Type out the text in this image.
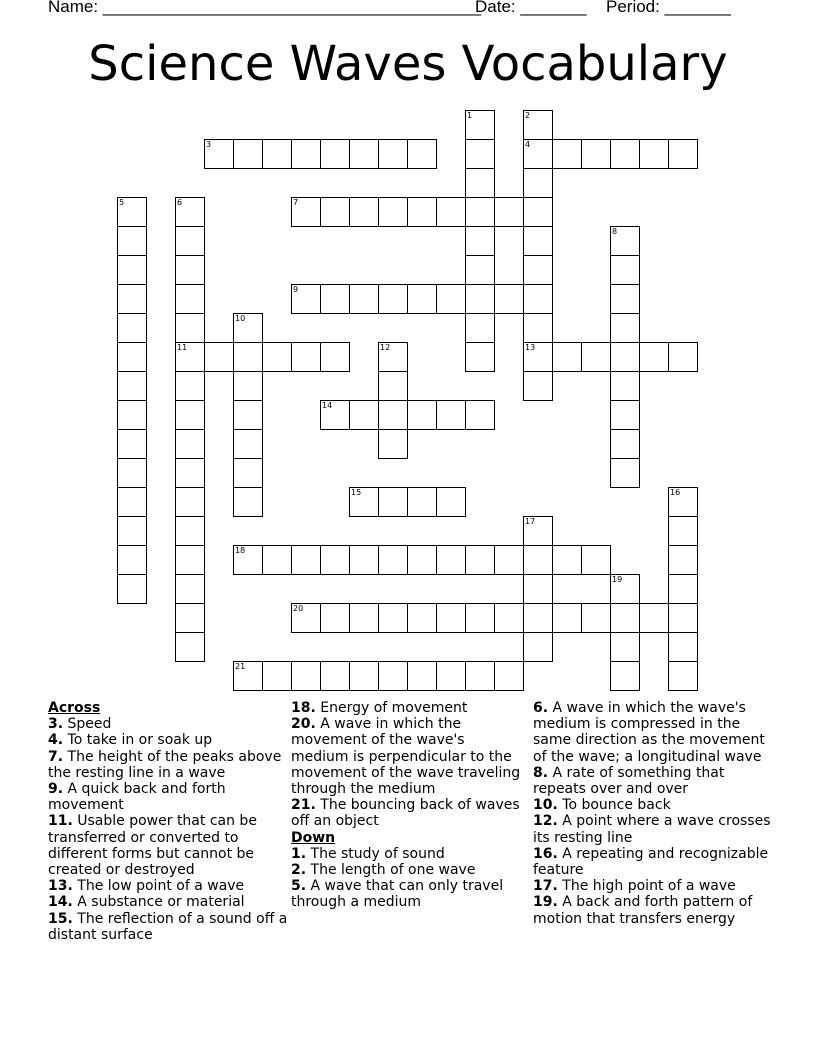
Name: ________________________________________
Date: _______ Period: _______
Science Waves Vocabulary
1	2
4
13
3
5	6
11
7
8
9
10
12
14
15	16
17
18
19
20
21

Across

3. Speed

4. To take in or soak up

7. The height of the peaks above the resting line in a wave

9. A quick back and forth movement

11. Usable power that can be transferred or converted to different forms but cannot be created or destroyed

13. The low point of a wave

14. A substance or material

15. The reflection of a sound off a distant surface

18. Energy of movement

20. A wave in which the movement of the wave's medium is perpendicular to the movement of the wave traveling through the medium

21. The bouncing back of waves off an object

Down

1. The study of sound

2. The length of one wave

5. A wave that can only travel through a medium

6. A wave in which the wave's medium is compressed in the same direction as the movement of the wave; a longitudinal wave

8. A rate of something that repeats over and over

10. To bounce back

12. A point where a wave crosses its resting line

16. A repeating and recognizable feature

17. The high point of a wave

19. A back and forth pattern of motion that transfers energy
